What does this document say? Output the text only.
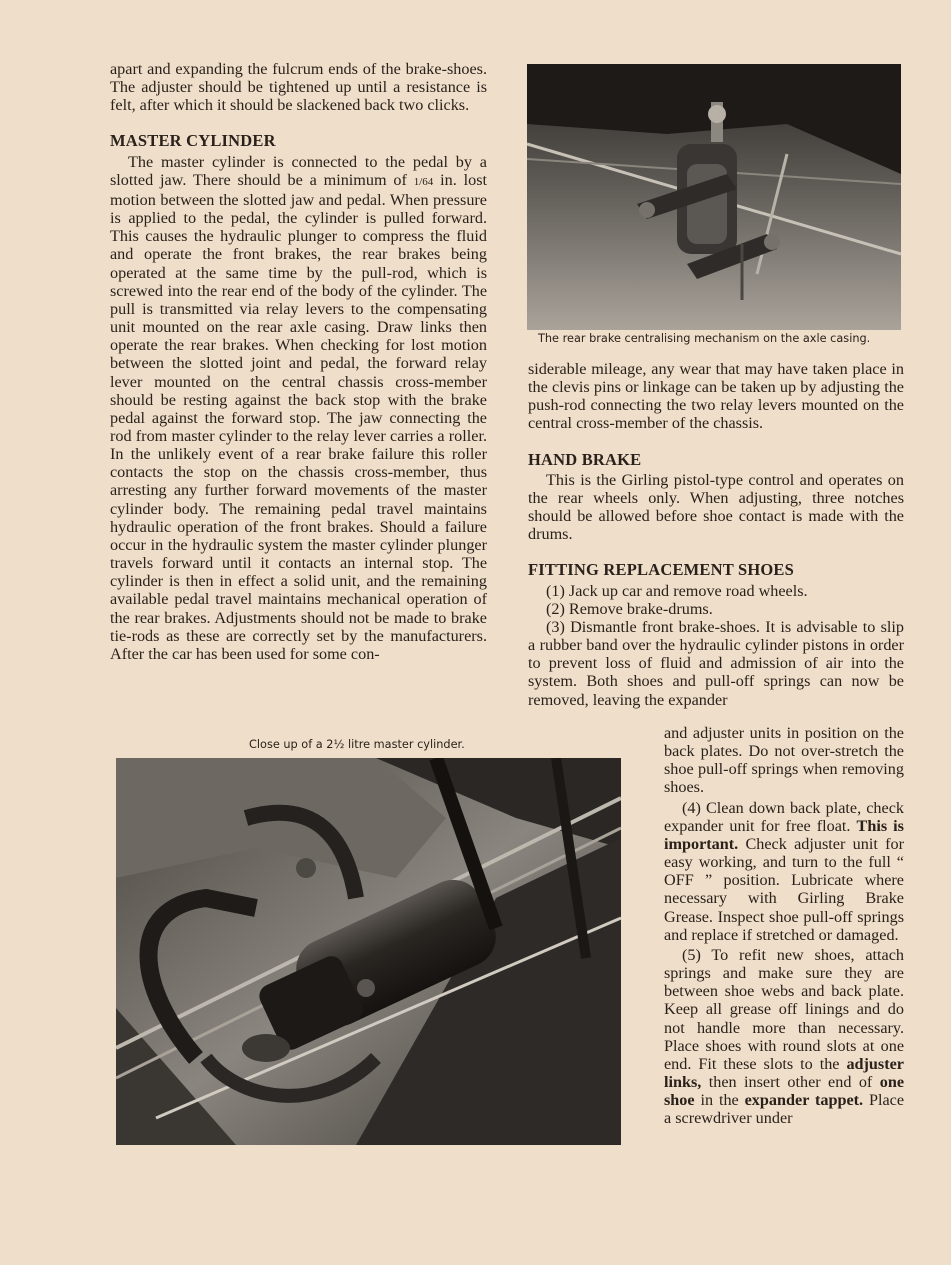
apart and expanding the fulcrum ends of the brake-shoes. The adjuster should be tightened up until a resistance is felt, after which it should be slackened back two clicks.

MASTER CYLINDER

The master cylinder is connected to the pedal by a slotted jaw. There should be a minimum of 1/64 in. lost motion between the slotted jaw and pedal. When pressure is applied to the pedal, the cylinder is pulled forward. This causes the hydraulic plunger to compress the fluid and operate the front brakes, the rear brakes being operated at the same time by the pull-rod, which is screwed into the rear end of the body of the cylinder. The pull is transmitted via relay levers to the compensating unit mounted on the rear axle casing. Draw links then operate the rear brakes. When checking for lost motion between the slotted joint and pedal, the forward relay lever mounted on the central chassis cross-member should be resting against the back stop with the brake pedal against the forward stop. The jaw connecting the rod from master cylinder to the relay lever carries a roller. In the unlikely event of a rear brake failure this roller contacts the stop on the chassis cross-member, thus arresting any further forward movements of the master cylinder body. The remaining pedal travel maintains hydraulic operation of the front brakes. Should a failure occur in the hydraulic system the master cylinder plunger travels forward until it contacts an internal stop. The cylinder is then in effect a solid unit, and the remaining available pedal travel maintains mechanical operation of the rear brakes. Adjustments should not be made to brake tie-rods as these are correctly set by the manufacturers. After the car has been used for some con-

Close up of a 2½ litre master cylinder.
The rear brake centralising mechanism on the axle casing.

siderable mileage, any wear that may have taken place in the clevis pins or linkage can be taken up by adjusting the push-rod connecting the two relay levers mounted on the central cross-member of the chassis.

HAND BRAKE

This is the Girling pistol-type control and operates on the rear wheels only. When adjusting, three notches should be allowed before shoe contact is made with the drums.

FITTING REPLACEMENT SHOES

(1) Jack up car and remove road wheels.

(2) Remove brake-drums.

(3) Dismantle front brake-shoes. It is advisable to slip a rubber band over the hydraulic cylinder pistons in order to prevent loss of fluid and admission of air into the system. Both shoes and pull-off springs can now be removed, leaving the expander

and adjuster units in position on the back plates. Do not over-stretch the shoe pull-off springs when removing shoes.

(4) Clean down back plate, check expander unit for free float. This is important. Check adjuster unit for easy working, and turn to the full “ OFF ” position. Lubricate where necessary with Girling Brake Grease. Inspect shoe pull-off springs and replace if stretched or damaged.

(5) To refit new shoes, attach springs and make sure they are between shoe webs and back plate. Keep all grease off linings and do not handle more than necessary. Place shoes with round slots at one end. Fit these slots to the adjuster links, then insert other end of one shoe in the expander tappet. Place a screwdriver under
